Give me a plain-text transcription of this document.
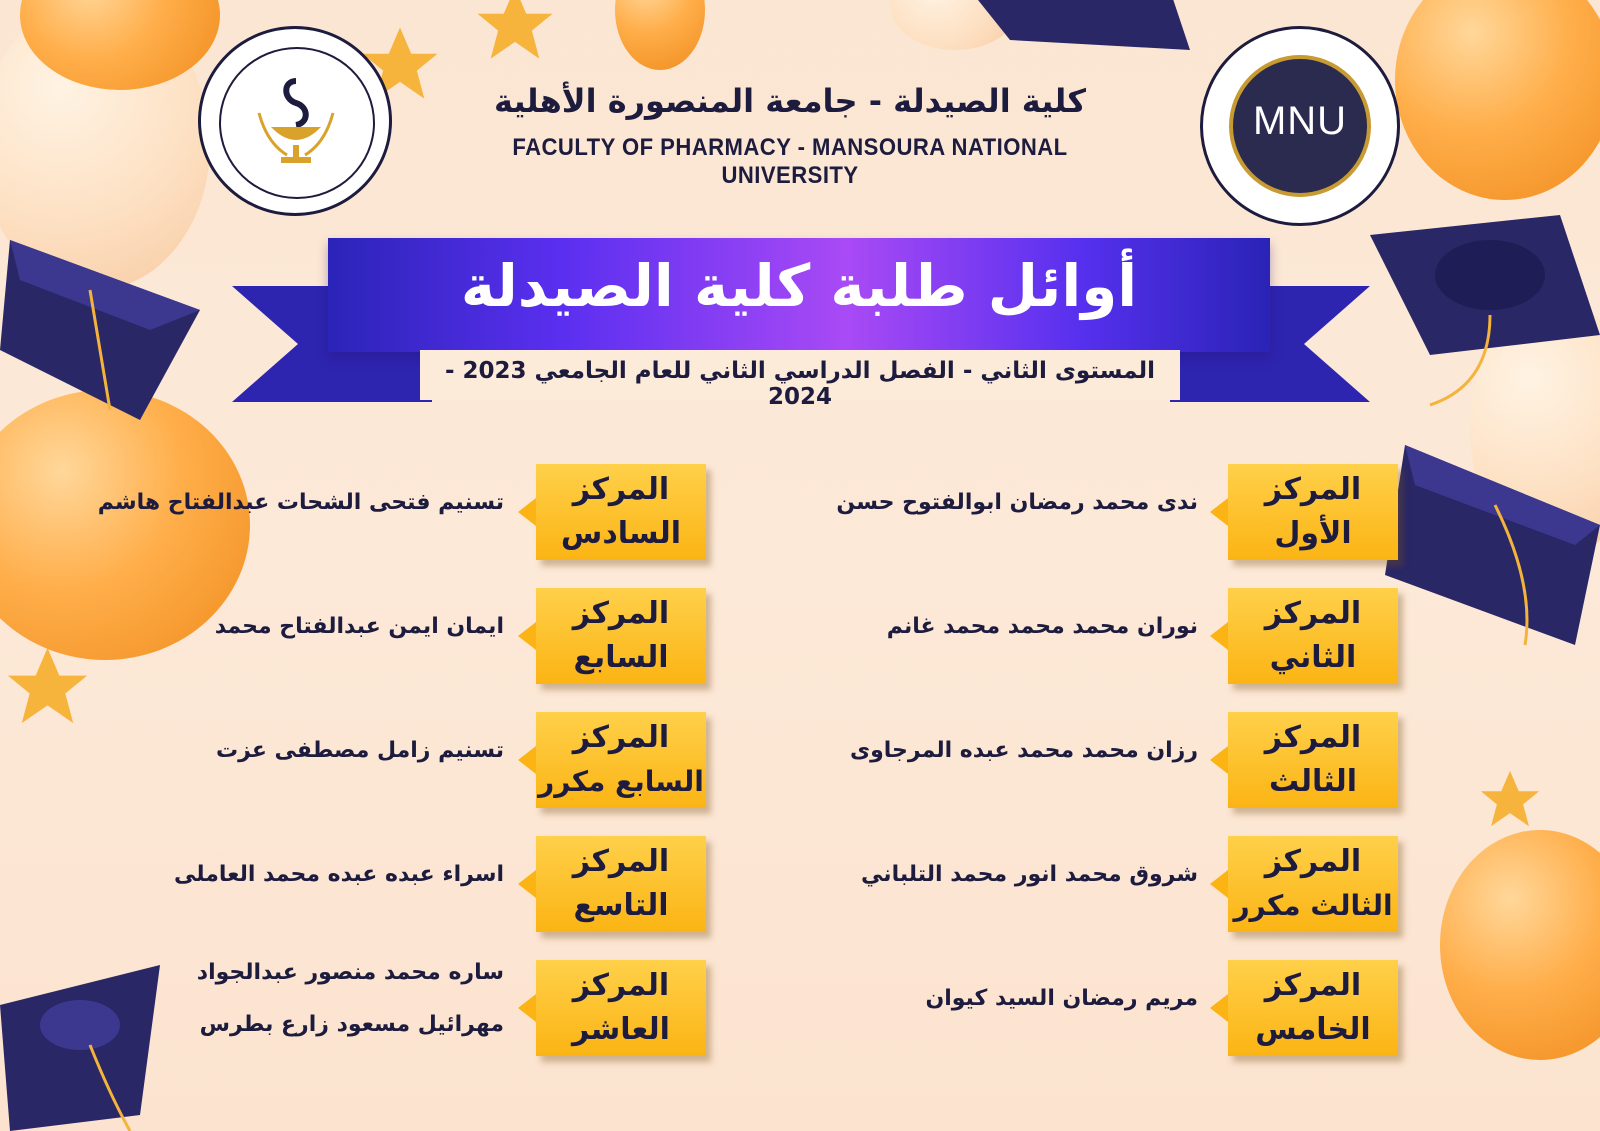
MNU
كلية الصيدلة - جامعة المنصورة الأهلية
FACULTY OF PHARMACY - MANSOURA NATIONAL UNIVERSITY
أوائل طلبة كلية الصيدلة
المستوى الثاني - الفصل الدراسي الثاني للعام الجامعي 2023 - 2024
المركز
الأول
ندى محمد رمضان ابوالفتوح حسن
المركز
الثاني
نوران محمد محمد محمد غانم
المركز
الثالث
رزان محمد محمد عبده المرجاوى
المركز
الثالث مكرر
شروق محمد انور محمد التلباني
المركز
الخامس
مريم رمضان السيد كيوان
المركز
السادس
تسنيم فتحى الشحات عبدالفتاح هاشم
المركز
السابع
ايمان ايمن عبدالفتاح محمد
المركز
السابع مكرر
تسنيم زامل مصطفى عزت
المركز
التاسع
اسراء عبده عبده محمد العاملى
المركز
العاشر
ساره محمد منصور عبدالجواد
مهرائيل مسعود زارع بطرس
